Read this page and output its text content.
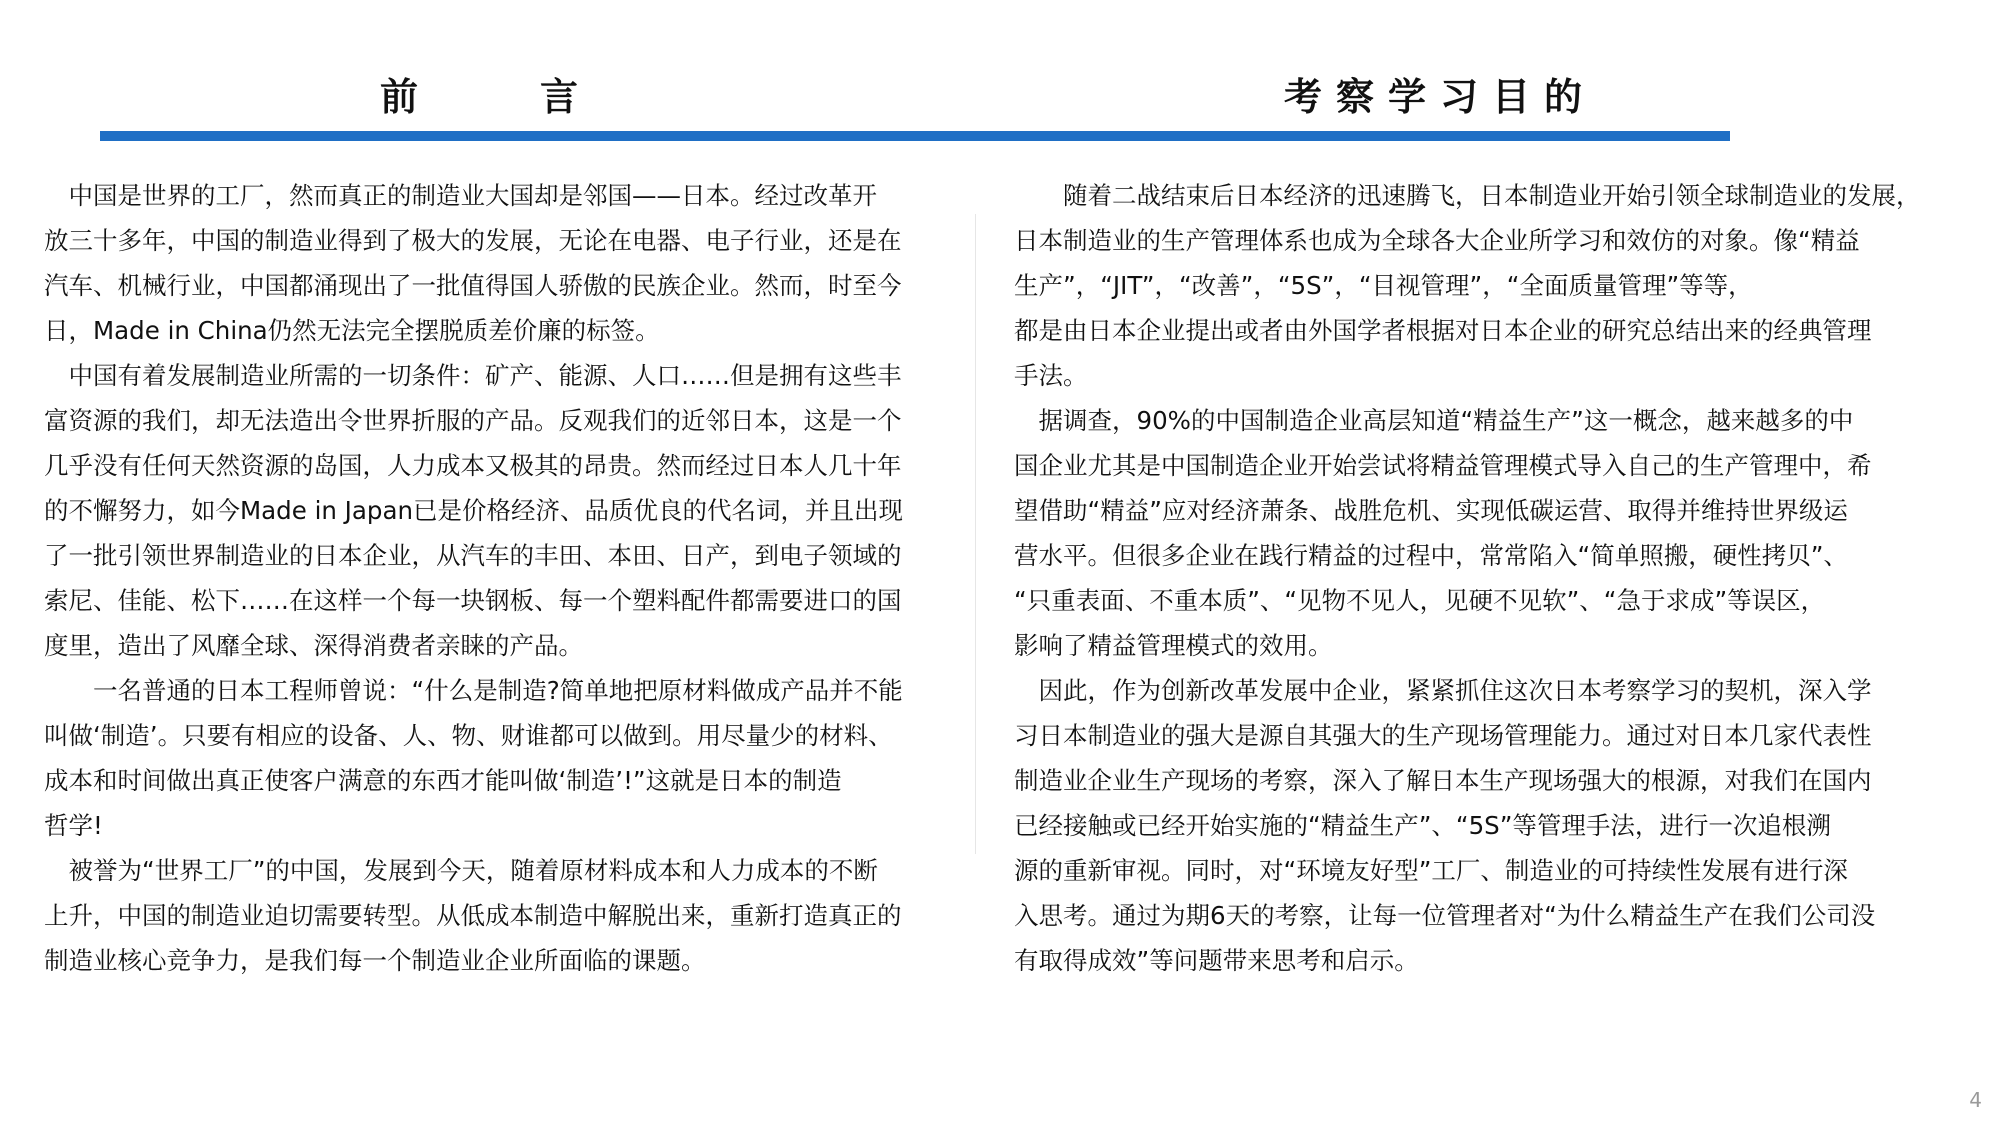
前	言	考察学习目的
　中国是世界的工厂，然而真正的制造业大国却是邻国——日本。经过改革开
放三十多年，中国的制造业得到了极大的发展，无论在电器、电子行业，还是在
汽车、机械行业，中国都涌现出了一批值得国人骄傲的民族企业。然而，时至今
日，Made in China仍然无法完全摆脱质差价廉的标签。
　中国有着发展制造业所需的一切条件：矿产、能源、人口……但是拥有这些丰
富资源的我们，却无法造出令世界折服的产品。反观我们的近邻日本，这是一个
几乎没有任何天然资源的岛国，人力成本又极其的昂贵。然而经过日本人几十年
的不懈努力，如今Made in Japan已是价格经济、品质优良的代名词，并且出现
了一批引领世界制造业的日本企业，从汽车的丰田、本田、日产，到电子领域的
索尼、佳能、松下……在这样一个每一块钢板、每一个塑料配件都需要进口的国
度里，造出了风靡全球、深得消费者亲睐的产品。
　　一名普通的日本工程师曾说：“什么是制造?简单地把原材料做成产品并不能
叫做‘制造’。只要有相应的设备、人、物、财谁都可以做到。用尽量少的材料、
成本和时间做出真正使客户满意的东西才能叫做‘制造’!”这就是日本的制造
哲学!
　被誉为“世界工厂”的中国，发展到今天，随着原材料成本和人力成本的不断
上升，中国的制造业迫切需要转型。从低成本制造中解脱出来，重新打造真正的
制造业核心竞争力，是我们每一个制造业企业所面临的课题。
　　随着二战结束后日本经济的迅速腾飞，日本制造业开始引领全球制造业的发展，
日本制造业的生产管理体系也成为全球各大企业所学习和效仿的对象。像“精益
生产”，“JIT”，“改善”，“5S”，“目视管理”，“全面质量管理”等等，
都是由日本企业提出或者由外国学者根据对日本企业的研究总结出来的经典管理
手法。
　据调查，90%的中国制造企业高层知道“精益生产”这一概念，越来越多的中
国企业尤其是中国制造企业开始尝试将精益管理模式导入自己的生产管理中，希
望借助“精益”应对经济萧条、战胜危机、实现低碳运营、取得并维持世界级运
营水平。但很多企业在践行精益的过程中，常常陷入“简单照搬，硬性拷贝”、
“只重表面、不重本质”、“见物不见人，见硬不见软”、“急于求成”等误区，
影响了精益管理模式的效用。
　因此，作为创新改革发展中企业，紧紧抓住这次日本考察学习的契机，深入学
习日本制造业的强大是源自其强大的生产现场管理能力。通过对日本几家代表性
制造业企业生产现场的考察，深入了解日本生产现场强大的根源，对我们在国内
已经接触或已经开始实施的“精益生产”、“5S”等管理手法，进行一次追根溯
源的重新审视。同时，对“环境友好型”工厂、制造业的可持续性发展有进行深
入思考。通过为期6天的考察，让每一位管理者对“为什么精益生产在我们公司没
有取得成效”等问题带来思考和启示。
4
